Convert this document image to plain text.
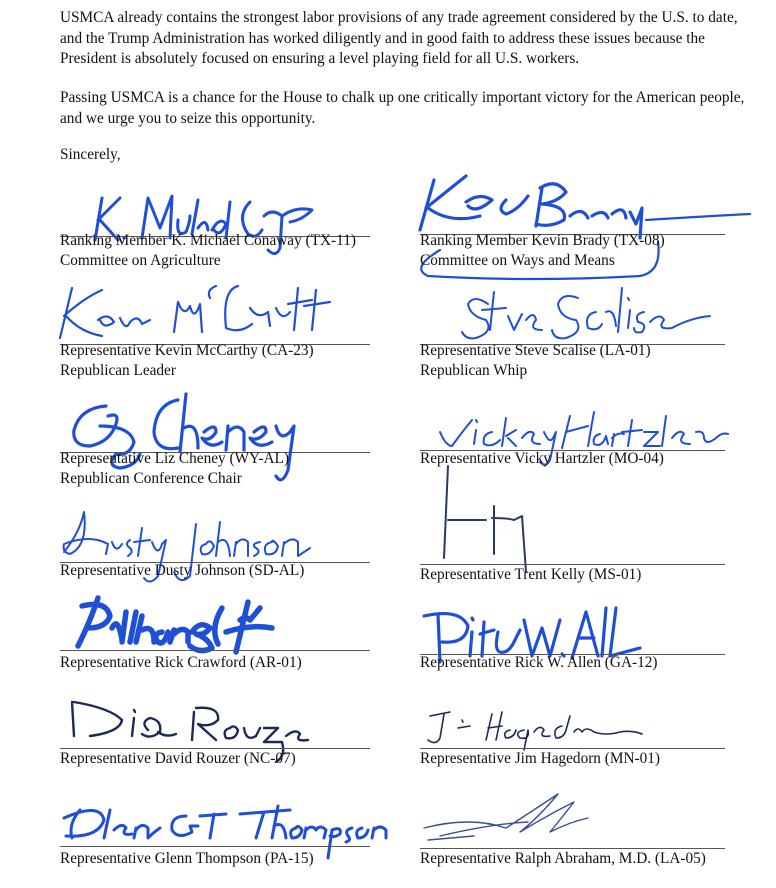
USMCA already contains the strongest labor provisions of any trade agreement considered by the U.S. to date, and the Trump Administration has worked diligently and in good faith to address these issues because the President is absolutely focused on ensuring a level playing field for all U.S. workers.

Passing USMCA is a chance for the House to chalk up one critically important victory for the American people, and we urge you to seize this opportunity.

Sincerely,
Ranking Member K. Michael Conaway (TX-11)
Committee on Agriculture
Ranking Member Kevin Brady (TX-08)
Committee on Ways and Means
Representative Kevin McCarthy (CA-23)
Republican Leader
Representative Steve Scalise (LA-01)
Republican Whip
Representative Liz Cheney (WY-AL)
Republican Conference Chair
Representative Vicky Hartzler (MO-04)
Representative Dusty Johnson (SD-AL)	Representative Trent Kelly (MS-01)
Representative Rick Crawford (AR-01)	Representative Rick W. Allen (GA-12)
Representative David Rouzer (NC-07)	Representative Jim Hagedorn (MN-01)
Representative Glenn Thompson (PA-15)	Representative Ralph Abraham, M.D. (LA-05)
